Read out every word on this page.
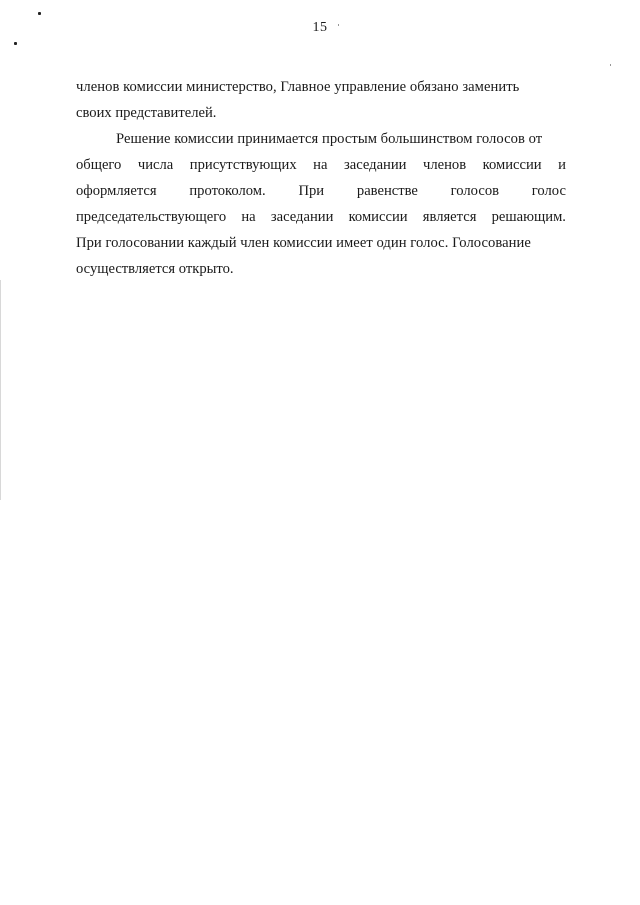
15
членов комиссии министерство, Главное управление обязано заменить
своих представителей.
Решение комиссии принимается простым большинством голосов от
общего числа присутствующих на заседании членов комиссии и
оформляется протоколом. При равенстве голосов голос
председательствующего на заседании комиссии является решающим.
При голосовании каждый член комиссии имеет один голос. Голосование
осуществляется открыто.
